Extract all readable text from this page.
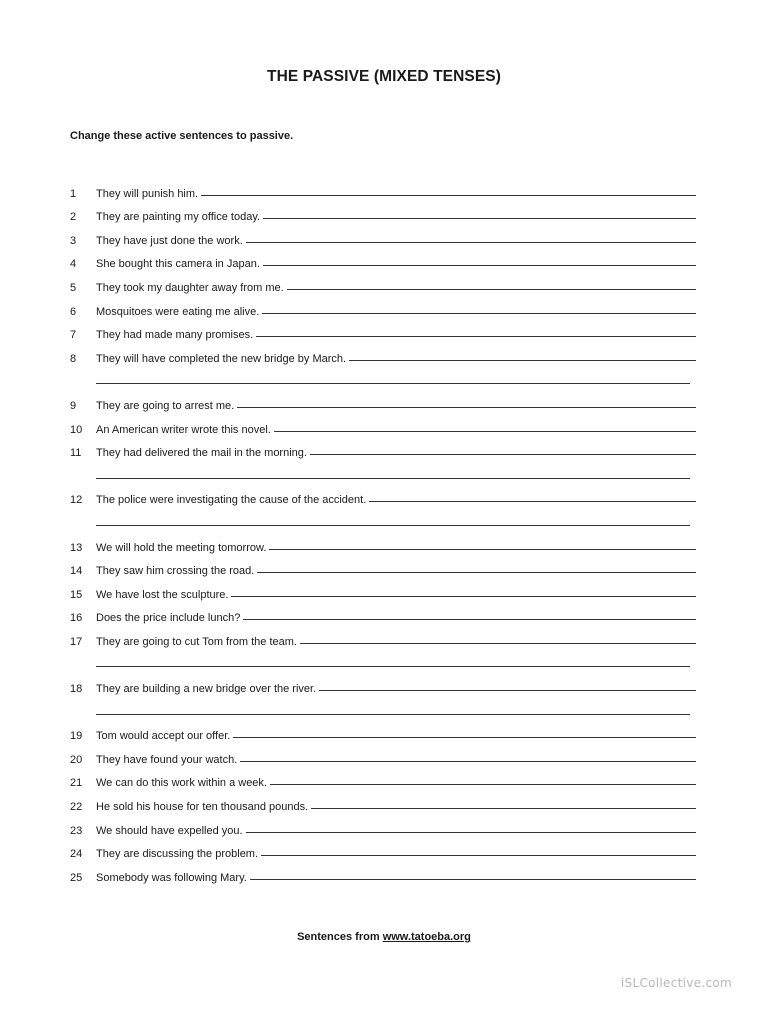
THE PASSIVE (MIXED TENSES)
Change these active sentences to passive.
1	They will punish him.
2	They are painting my office today.
3	They have just done the work.
4	She bought this camera in Japan.
5	They took my daughter away from me.
6	Mosquitoes were eating me alive.
7	They had made many promises.
8	They will have completed the new bridge by March.
9	They are going to arrest me.
10	An American writer wrote this novel.
11	They had delivered the mail in the morning.
12	The police were investigating the cause of the accident.
13	We will hold the meeting tomorrow.
14	They saw him crossing the road.
15	We have lost the sculpture.
16	Does the price include lunch?
17	They are going to cut Tom from the team.
18	They are building a new bridge over the river.
19	Tom would accept our offer.
20	They have found your watch.
21	We can do this work within a week.
22	He sold his house for ten thousand pounds.
23	We should have expelled you.
24	They are discussing the problem.
25	Somebody was following Mary.
Sentences from www.tatoeba.org
iSLCollective.com
